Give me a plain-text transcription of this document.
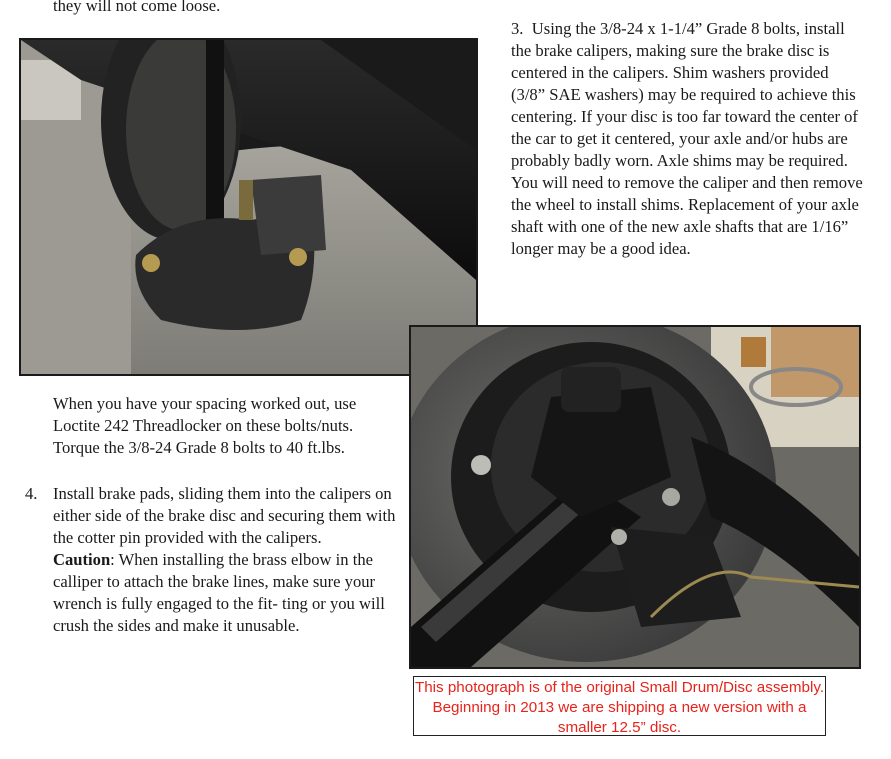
they will not come loose.
3. Using the 3/8-24 x 1-1/4” Grade 8 bolts, install the brake calipers, making sure the brake disc is centered in the calipers. Shim washers provided (3/8” SAE washers) may be required to achieve this centering. If your disc is too far toward the center of the car to get it centered, your axle and/or hubs are probably badly worn. Axle shims may be required. You will need to remove the caliper and then remove the wheel to install shims. Replacement of your axle shaft with one of the new axle shafts that are 1/16” longer may be a good idea.
When you have your spacing worked out, use Loctite 242 Threadlocker on these bolts/nuts. Torque the 3/8-24 Grade 8 bolts to 40 ft.lbs.
4. Install brake pads, sliding them into the calipers on either side of the brake disc and securing them with the cotter pin provided with the calipers.
Caution: When installing the brass elbow in the calliper to attach the brake lines, make sure your wrench is fully engaged to the fit- ting or you will crush the sides and make it unusable.
This photograph is of the original Small Drum/Disc assembly. Beginning in 2013 we are shipping a new version with a smaller 12.5” disc.
